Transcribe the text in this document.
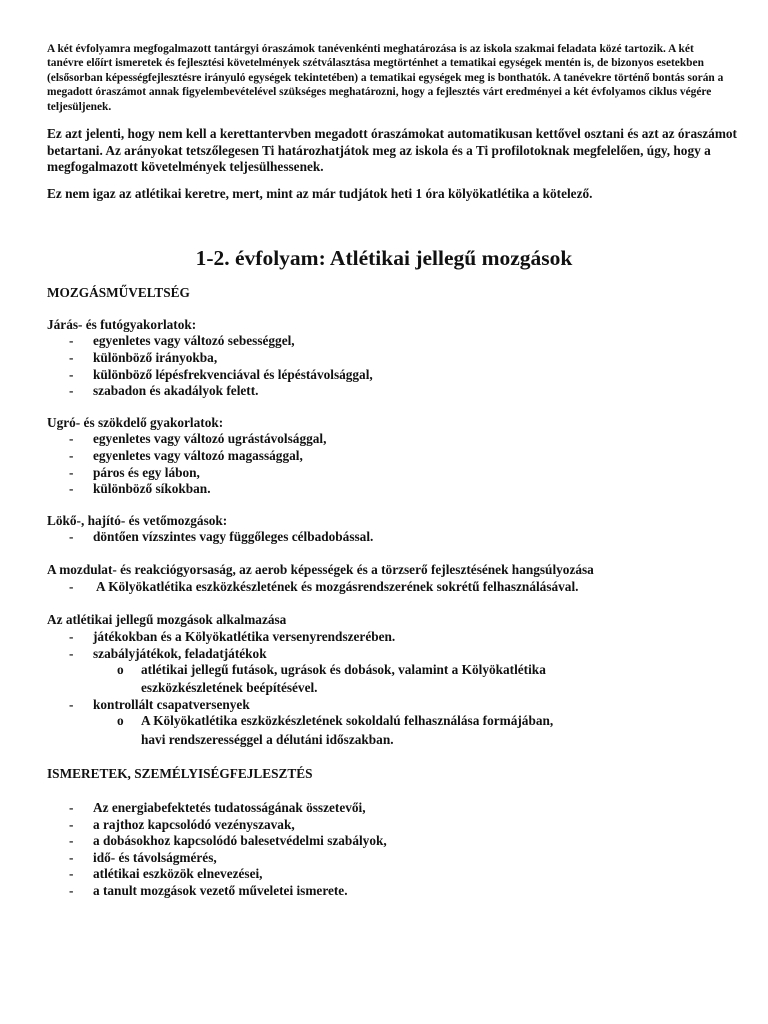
A két évfolyamra megfogalmazott tantárgyi óraszámok tanévenkénti meghatározása is az iskola szakmai feladata közé tartozik. A két tanévre előírt ismeretek és fejlesztési követelmények szétválasztása megtörténhet a tematikai egységek mentén is, de bizonyos esetekben (elsősorban képességfejlesztésre irányuló egységek tekintetében) a tematikai egységek meg is bonthatók. A tanévekre történő bontás során a megadott óraszámot annak figyelembevételével szükséges meghatározni, hogy a fejlesztés várt eredményei a két évfolyamos ciklus végére teljesüljenek.

Ez azt jelenti, hogy nem kell a kerettantervben megadott óraszámokat automatikusan kettővel osztani és azt az óraszámot betartani. Az arányokat tetszőlegesen Ti határozhatjátok meg az iskola és a Ti profilotoknak megfelelően, úgy, hogy a megfogalmazott követelmények teljesülhessenek.

Ez nem igaz az atlétikai keretre, mert, mint az már tudjátok heti 1 óra kölyökatlétika a kötelező.

1-2. évfolyam: Atlétikai jellegű mozgások
MOZGÁSMŰVELTSÉG
Járás- és futógyakorlatok:
- egyenletes vagy változó sebességgel,
- különböző irányokba,
- különböző lépésfrekvenciával és lépéstávolsággal,
- szabadon és akadályok felett.
Ugró- és szökdelő gyakorlatok:
- egyenletes vagy változó ugrástávolsággal,
- egyenletes vagy változó magassággal,
- páros és egy lábon,
- különböző síkokban.
Lökő-, hajító- és vetőmozgások:
- döntően vízszintes vagy függőleges célbadobással.
A mozdulat- és reakciógyorsaság, az aerob képességek és a törzserő fejlesztésének hangsúlyozása
- A Kölyökatlétika eszközkészletének és mozgásrendszerének sokrétű felhasználásával.
Az atlétikai jellegű mozgások alkalmazása
- játékokban és a Kölyökatlétika versenyrendszerében.
- szabályjátékok, feladatjátékok
o atlétikai jellegű futások, ugrások és dobások, valamint a Kölyökatlétika
eszközkészletének beépítésével.
- kontrollált csapatversenyek
o A Kölyökatlétika eszközkészletének sokoldalú felhasználása formájában,
havi rendszerességgel a délutáni időszakban.
ISMERETEK, SZEMÉLYISÉGFEJLESZTÉS
- Az energiabefektetés tudatosságának összetevői,
- a rajthoz kapcsolódó vezényszavak,
- a dobásokhoz kapcsolódó balesetvédelmi szabályok,
- idő- és távolságmérés,
- atlétikai eszközök elnevezései,
- a tanult mozgások vezető műveletei ismerete.
